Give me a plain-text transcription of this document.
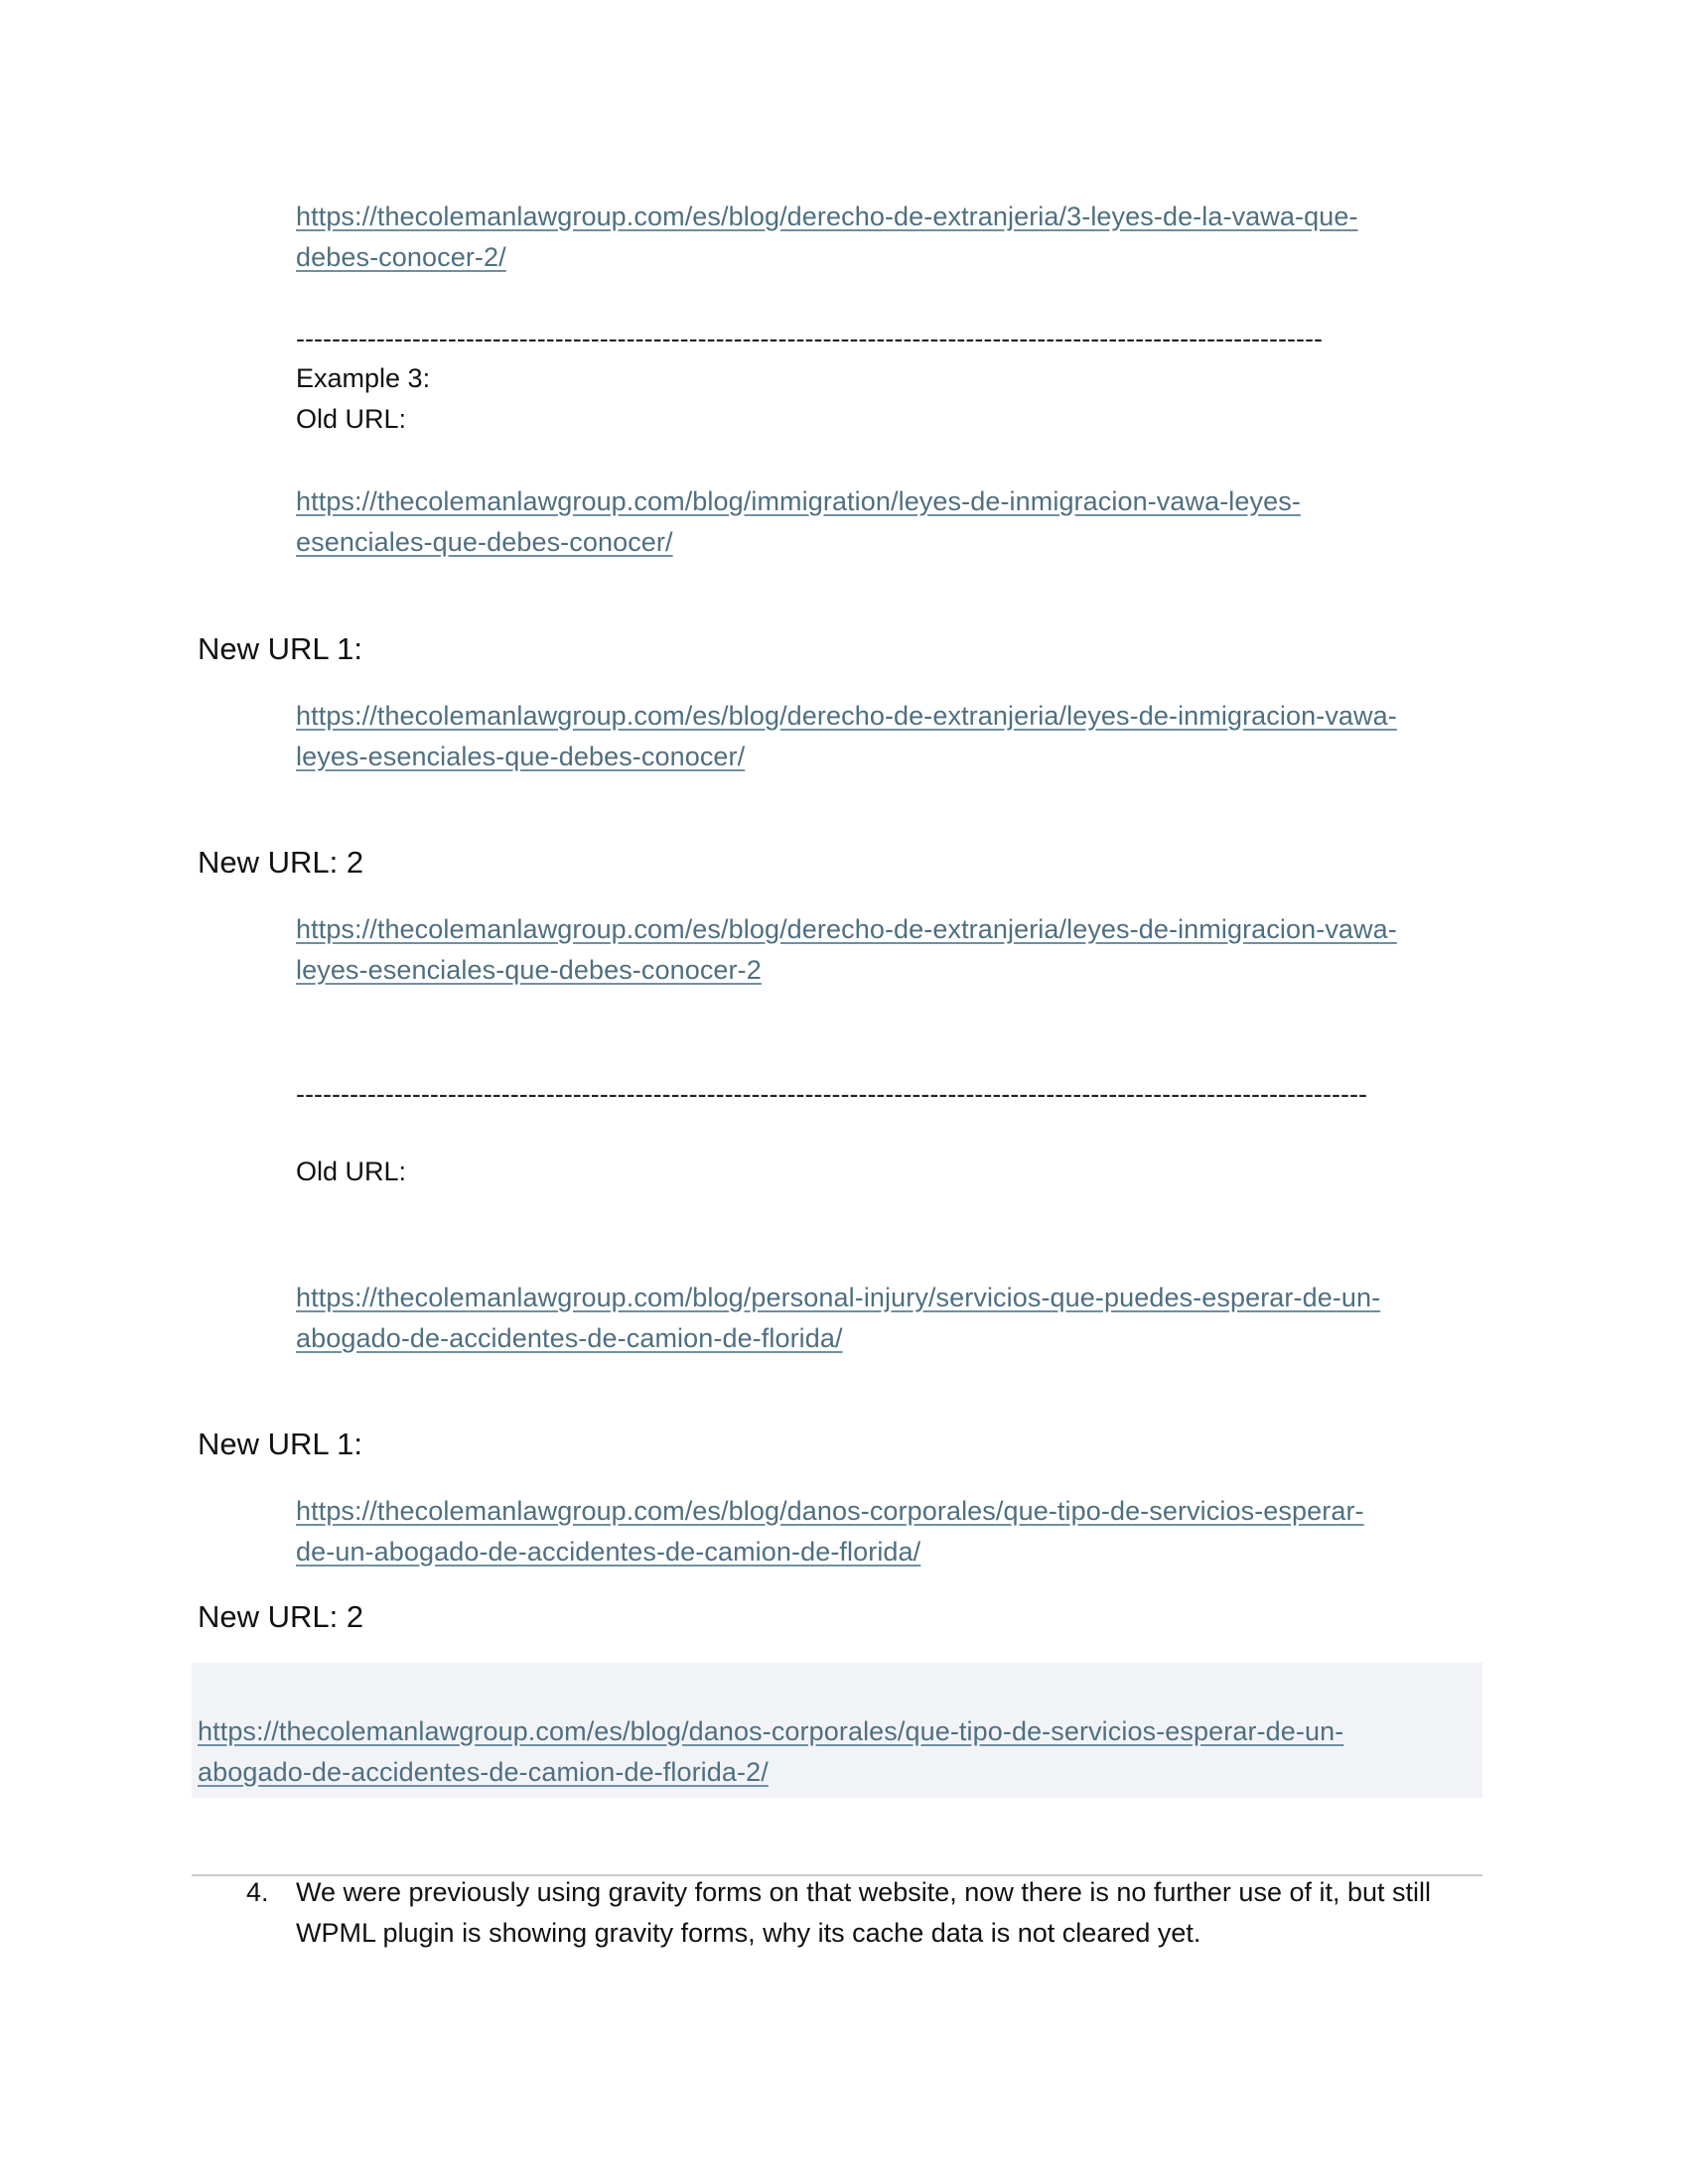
https://thecolemanlawgroup.com/es/blog/derecho-de-extranjeria/3-leyes-de-la-vawa-que-
debes-conocer-2/
-------------------------------------------------------------------------------------------------------------------
Example 3:
Old URL:
https://thecolemanlawgroup.com/blog/immigration/leyes-de-inmigracion-vawa-leyes-
esenciales-que-debes-conocer/
New URL 1:
https://thecolemanlawgroup.com/es/blog/derecho-de-extranjeria/leyes-de-inmigracion-vawa-
leyes-esenciales-que-debes-conocer/
New URL: 2
https://thecolemanlawgroup.com/es/blog/derecho-de-extranjeria/leyes-de-inmigracion-vawa-
leyes-esenciales-que-debes-conocer-2
------------------------------------------------------------------------------------------------------------------------
Old URL:
https://thecolemanlawgroup.com/blog/personal-injury/servicios-que-puedes-esperar-de-un-
abogado-de-accidentes-de-camion-de-florida/
New URL 1:
https://thecolemanlawgroup.com/es/blog/danos-corporales/que-tipo-de-servicios-esperar-
de-un-abogado-de-accidentes-de-camion-de-florida/
New URL: 2
https://thecolemanlawgroup.com/es/blog/danos-corporales/que-tipo-de-servicios-esperar-de-un-
abogado-de-accidentes-de-camion-de-florida-2/
4. We were previously using gravity forms on that website, now there is no further use of it, but still
WPML plugin is showing gravity forms, why its cache data is not cleared yet.
